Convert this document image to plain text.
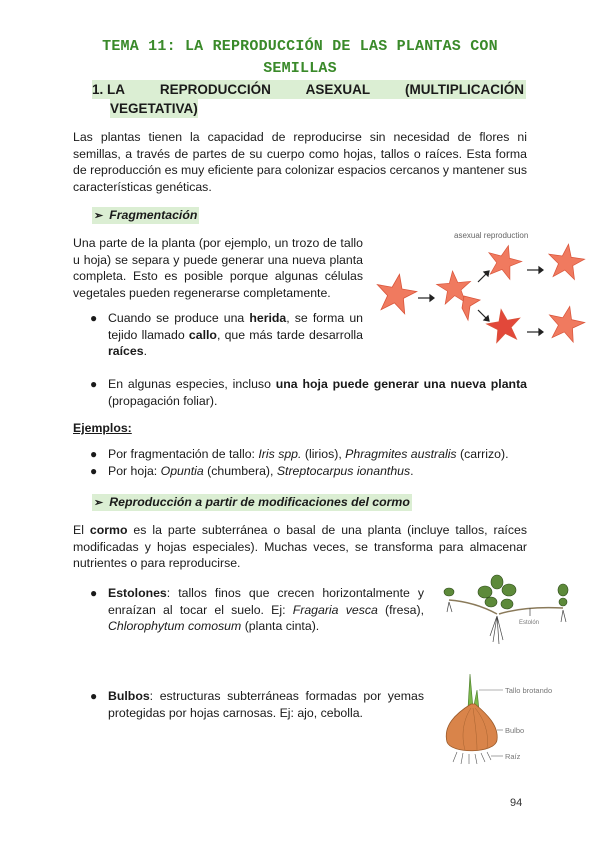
TEMA 11: LA REPRODUCCIÓN DE LAS PLANTAS CON
SEMILLAS
1. LA	REPRODUCCIÓN	ASEXUAL	(MULTIPLICACIÓN
VEGETATIVA)

Las plantas tienen la capacidad de reproducirse sin necesidad de flores ni semillas, a través de partes de su cuerpo como hojas, tallos o raíces. Esta forma de reproducción es muy eficiente para colonizar espacios cercanos y mantener sus características genéticas.

➢ Fragmentación

Una parte de la planta (por ejemplo, un trozo de tallo u hoja) se separa y puede generar una nueva planta completa. Esto es posible porque algunas células vegetales pueden regenerarse completamente.

● Cuando se produce una herida, se forma un tejido llamado callo, que más tarde desarrolla raíces.
asexual reproduction
● En algunas especies, incluso una hoja puede generar una nueva planta (propagación foliar).
Ejemplos:
● Por fragmentación de tallo: Iris spp. (lirios), Phragmites australis (carrizo).
● Por hoja: Opuntia (chumbera), Streptocarpus ionanthus.
➢ Reproducción a partir de modificaciones del cormo

El cormo es la parte subterránea o basal de una planta (incluye tallos, raíces modificadas y hojas especiales). Muchas veces, se transforma para almacenar nutrientes o para reproducirse.

● Estolones: tallos finos que crecen horizontalmente y enraízan al tocar el suelo. Ej: Fragaria vesca (fresa), Chlorophytum comosum (planta cinta).	Estolón
● Bulbos: estructuras subterráneas formadas por yemas protegidas por hojas carnosas. Ej: ajo, cebolla.
Tallo brotando
Bulbo
Raíz
94
